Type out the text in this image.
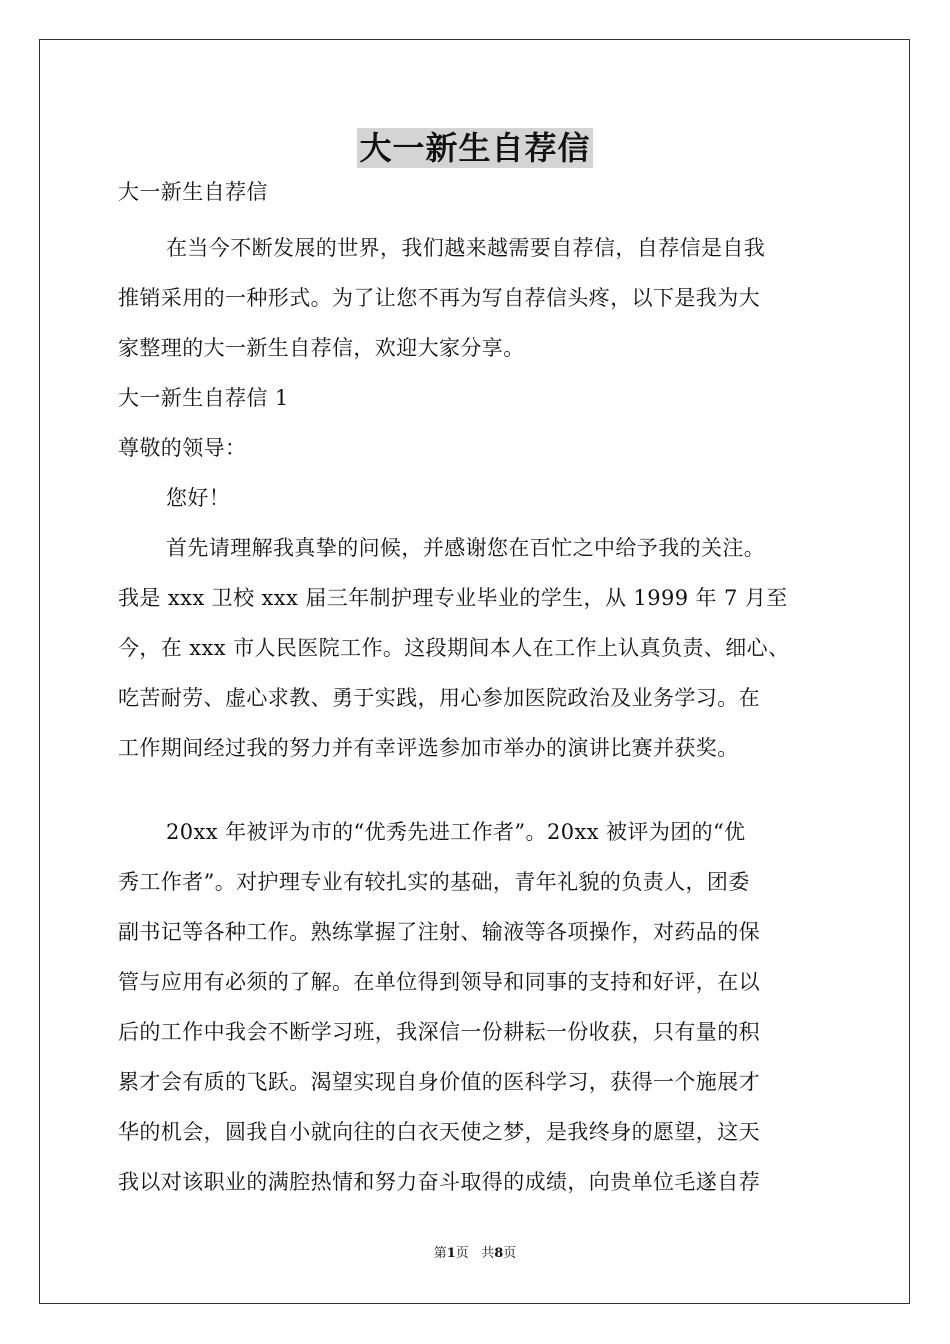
大一新生自荐信
大一新生自荐信
在当今不断发展的世界，我们越来越需要自荐信，自荐信是自我
推销采用的一种形式。为了让您不再为写自荐信头疼，以下是我为大
家整理的大一新生自荐信，欢迎大家分享。
大一新生自荐信 1
尊敬的领导：
您好！
首先请理解我真挚的问候，并感谢您在百忙之中给予我的关注。
我是 xxx 卫校 xxx 届三年制护理专业毕业的学生，从 1999 年 7 月至
今，在 xxx 市人民医院工作。这段期间本人在工作上认真负责、细心、
吃苦耐劳、虚心求教、勇于实践，用心参加医院政治及业务学习。在
工作期间经过我的努力并有幸评选参加市举办的演讲比赛并获奖。
20xx 年被评为市的“优秀先进工作者”。20xx 被评为团的“优
秀工作者”。对护理专业有较扎实的基础，青年礼貌的负责人，团委
副书记等各种工作。熟练掌握了注射、输液等各项操作，对药品的保
管与应用有必须的了解。在单位得到领导和同事的支持和好评，在以
后的工作中我会不断学习班，我深信一份耕耘一份收获，只有量的积
累才会有质的飞跃。渴望实现自身价值的医科学习，获得一个施展才
华的机会，圆我自小就向往的白衣天使之梦，是我终身的愿望，这天
我以对该职业的满腔热情和努力奋斗取得的成绩，向贵单位毛遂自荐
第1页 共8页
